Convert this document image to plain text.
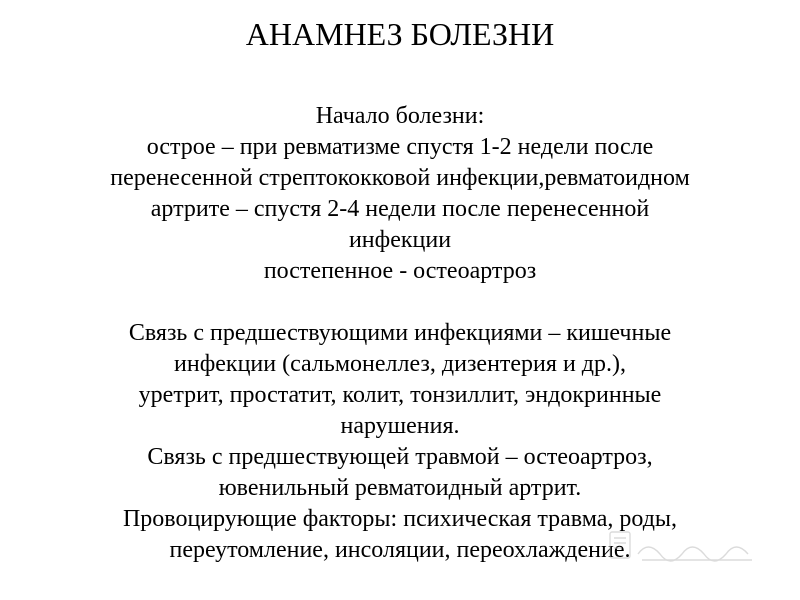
АНАМНЕЗ БОЛЕЗНИ
Начало болезни:
острое – при ревматизме спустя 1-2 недели после
перенесенной стрептококковой инфекции,ревматоидном
артрите – спустя 2-4 недели после перенесенной
инфекции
постепенное - остеоартроз
Связь с предшествующими инфекциями – кишечные
инфекции (сальмонеллез, дизентерия и др.),
уретрит, простатит, колит, тонзиллит, эндокринные
нарушения.
Связь с предшествующей травмой – остеоартроз,
ювенильный ревматоидный артрит.
Провоцирующие факторы: психическая травма, роды,
переутомление, инсоляции, переохлаждение.
